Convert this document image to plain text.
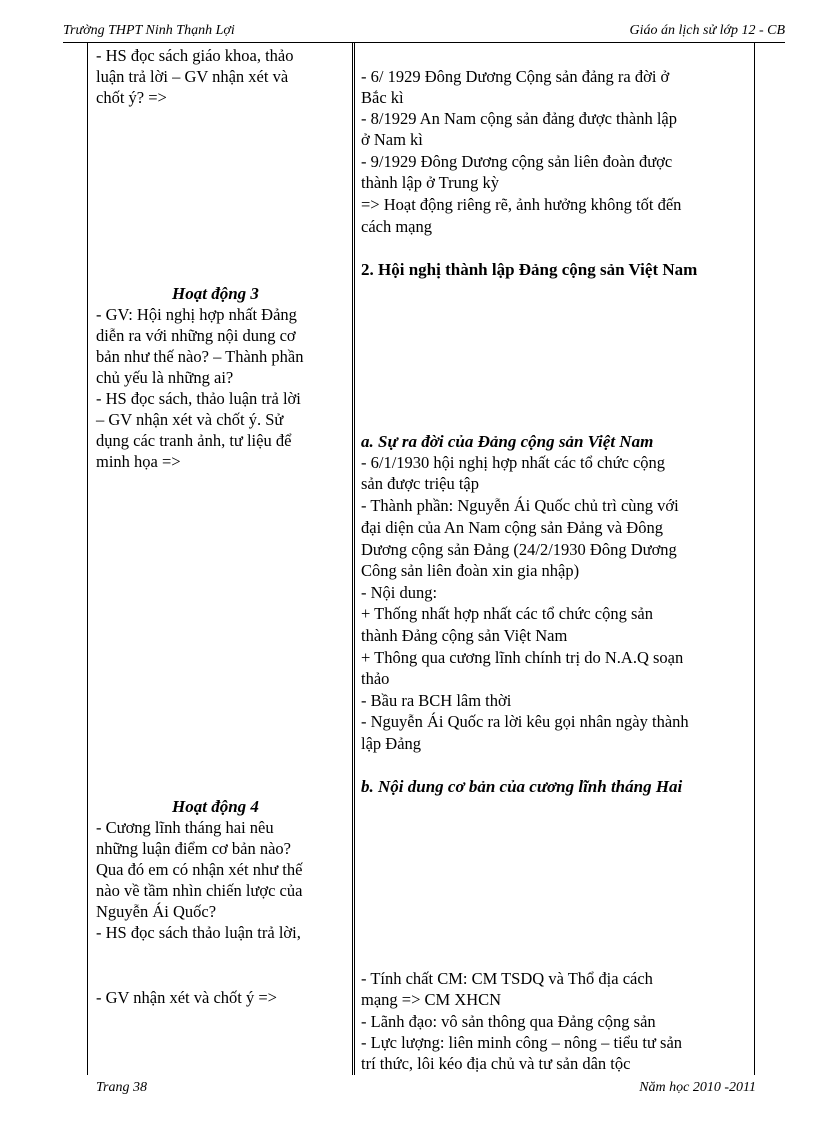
Trường THPT Ninh Thạnh Lợi	Giáo án lịch sử lớp 12 - CB
- HS đọc sách giáo khoa, thảo
luận trả lời – GV nhận xét và
chốt ý? =>
Hoạt động 3
- GV: Hội nghị hợp nhất Đảng
diễn ra với những nội dung cơ
bản như thế nào? – Thành phần
chủ yếu là những ai?
- HS đọc sách, thảo luận trả lời
– GV nhận xét và chốt ý. Sử
dụng các tranh ảnh, tư liệu để
minh họa =>
Hoạt động 4
- Cương lĩnh tháng hai nêu
những luận điểm cơ bản nào?
Qua đó em có nhận xét như thế
nào về tầm nhìn chiến lược của
Nguyễn Ái Quốc?
- HS đọc sách thảo luận trả lời,
- GV nhận xét và chốt ý =>
- 6/ 1929 Đông Dương Cộng sản đảng ra đời ở
Bắc kì
- 8/1929 An Nam cộng sản đảng được thành lập
ở Nam kì
- 9/1929 Đông Dương cộng sản liên đoàn được
thành lập ở Trung kỳ
=> Hoạt động riêng rẽ, ảnh hưởng không tốt đến
cách mạng
2. Hội nghị thành lập Đảng cộng sản Việt Nam
a. Sự ra đời của Đảng cộng sản Việt Nam
- 6/1/1930 hội nghị hợp nhất các tổ chức cộng
sản được triệu tập
- Thành phần: Nguyễn Ái Quốc chủ trì cùng với
đại diện của An Nam cộng sản Đảng và Đông
Dương cộng sản Đảng (24/2/1930 Đông Dương
Công sản liên đoàn xin gia nhập)
- Nội dung:
+ Thống nhất hợp nhất các tổ chức cộng sản
thành Đảng cộng sản Việt Nam
+ Thông qua cương lĩnh chính trị do N.A.Q soạn
thảo
- Bầu ra BCH lâm thời
- Nguyễn Ái Quốc ra lời kêu gọi nhân ngày thành
lập Đảng
b. Nội dung cơ bản của cương lĩnh tháng Hai
- Tính chất CM: CM TSDQ và Thổ địa cách
mạng => CM XHCN
- Lãnh đạo: vô sản thông qua Đảng cộng sản
- Lực lượng: liên minh công – nông – tiểu tư sản
trí thức, lôi kéo địa chủ và tư sản dân tộc
Trang 38	Năm học 2010 -2011
